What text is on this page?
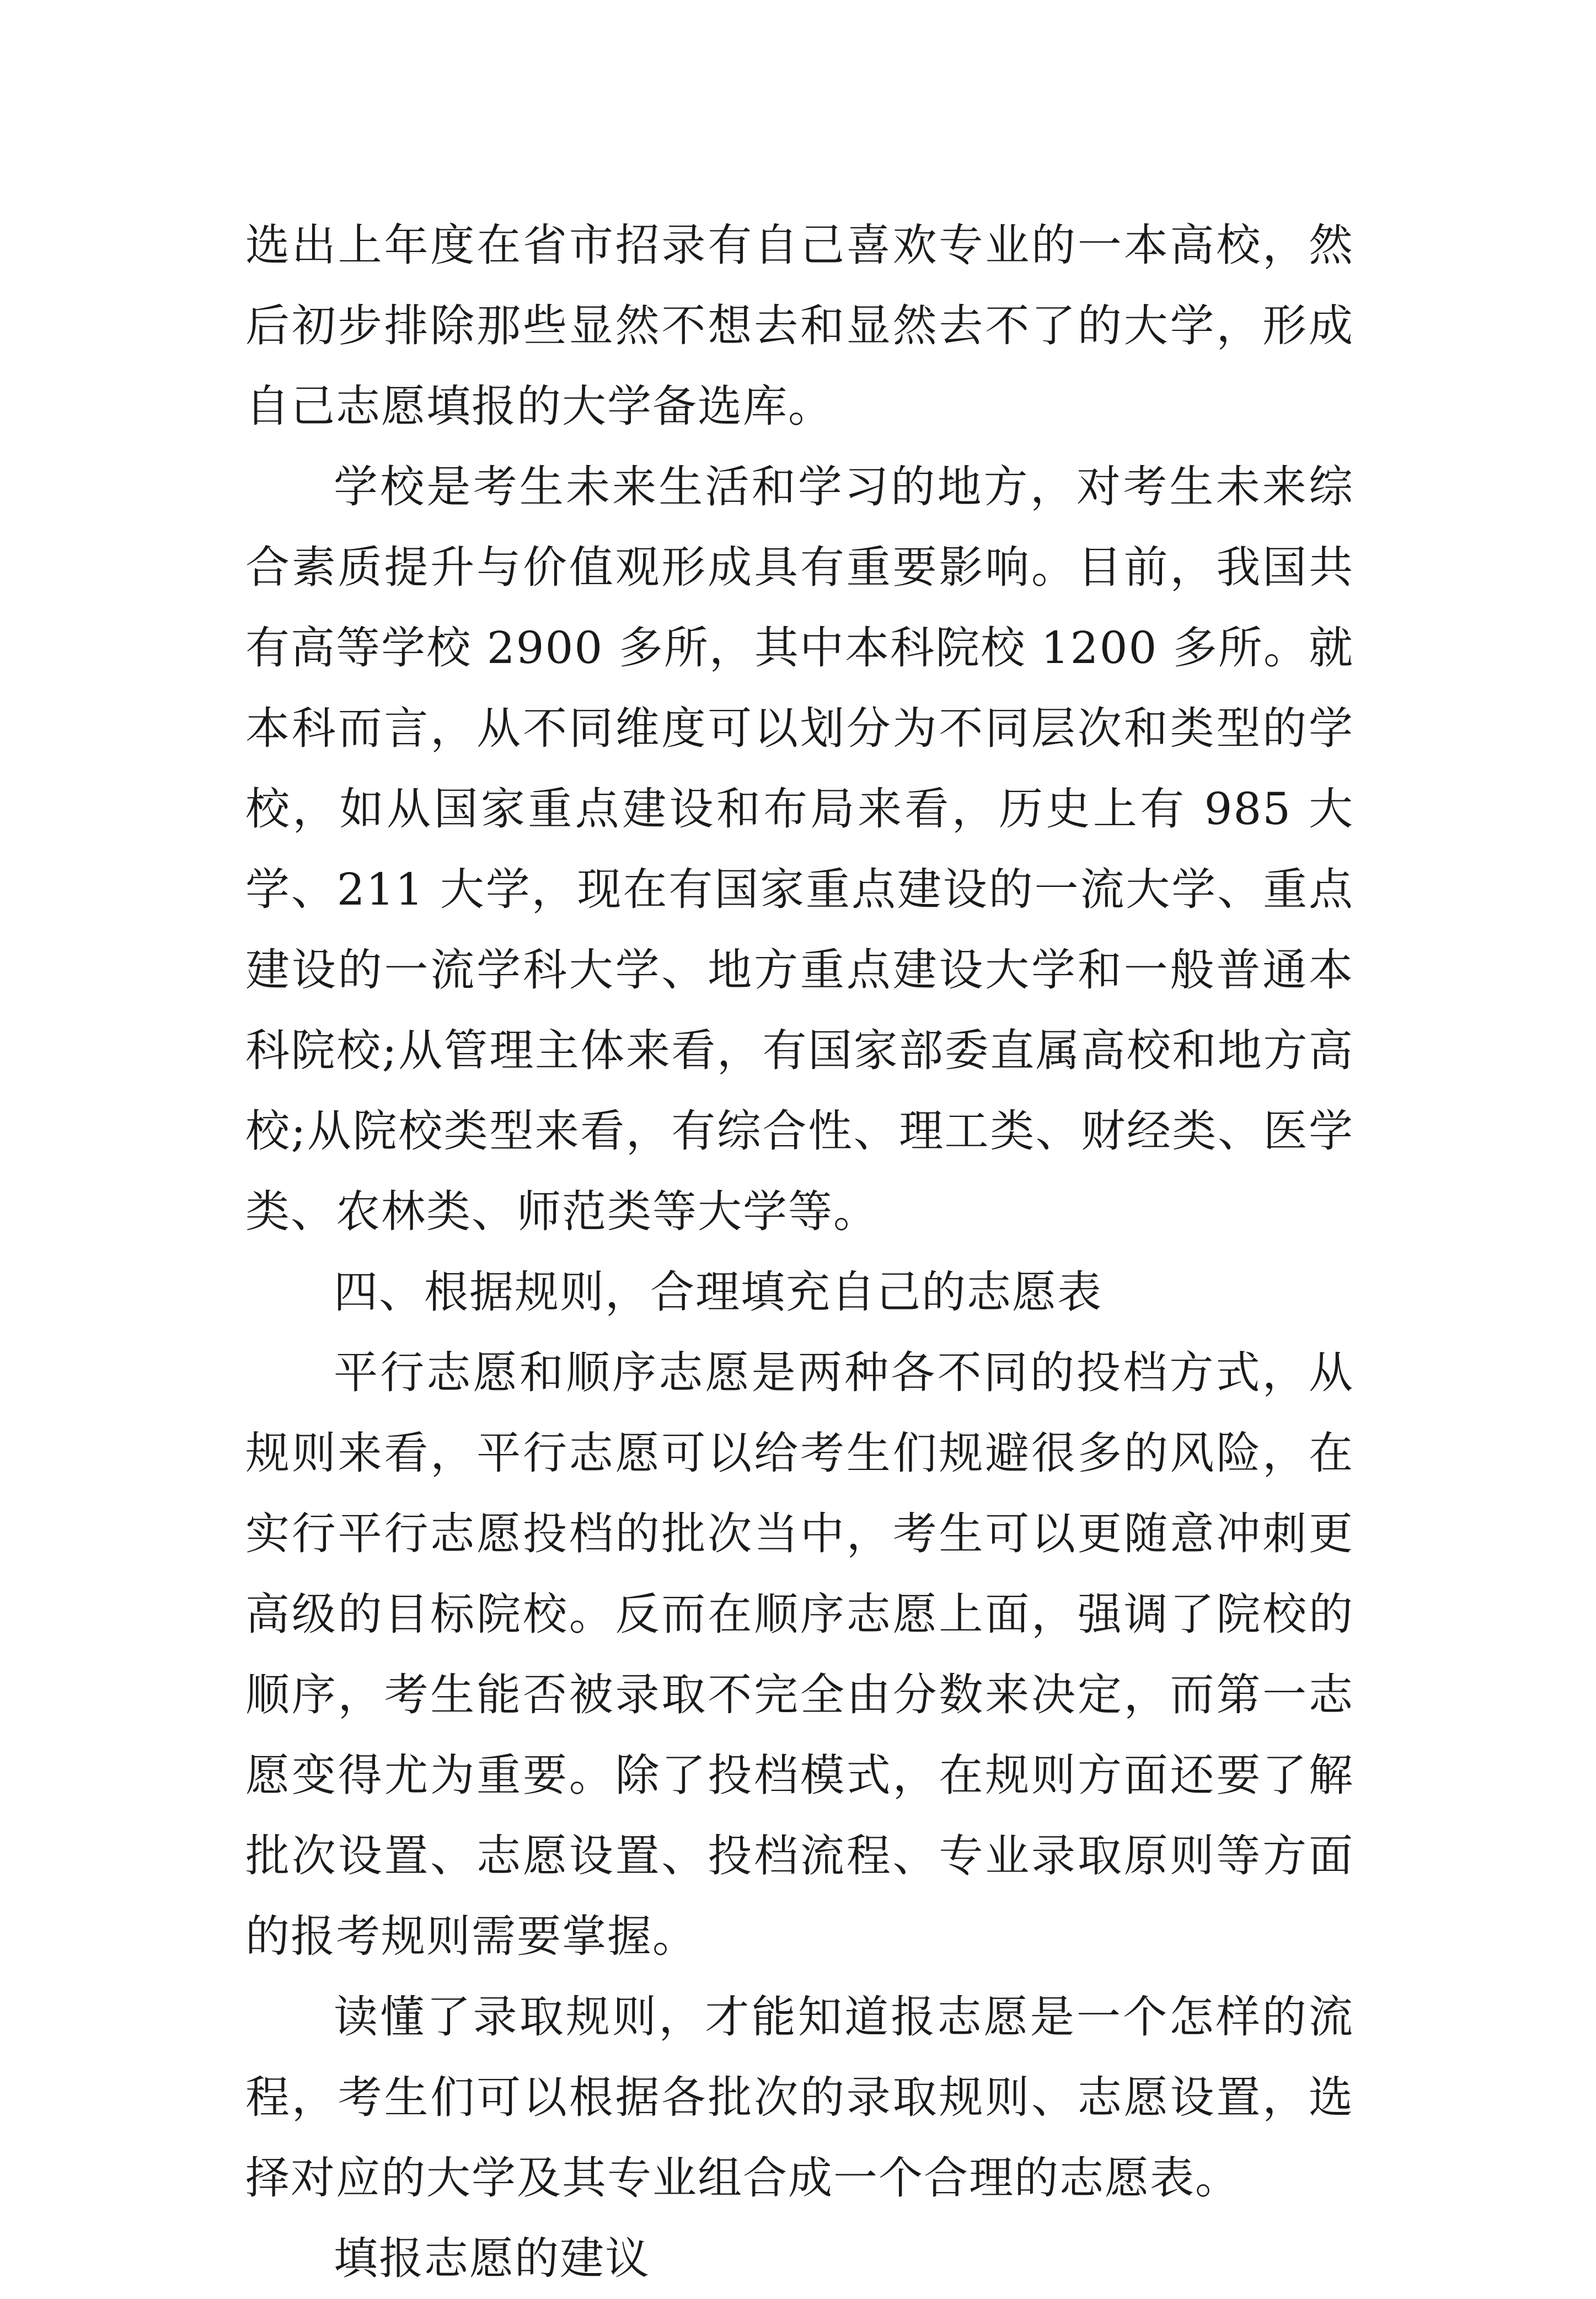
选出上年度在省市招录有自己喜欢专业的一本高校，然后初步排除那些显然不想去和显然去不了的大学，形成自己志愿填报的大学备选库。

学校是考生未来生活和学习的地方，对考生未来综合素质提升与价值观形成具有重要影响。目前，我国共有高等学校 2900 多所，其中本科院校 1200 多所。就本科而言，从不同维度可以划分为不同层次和类型的学校，如从国家重点建设和布局来看，历史上有 985 大学、211 大学，现在有国家重点建设的一流大学、重点建设的一流学科大学、地方重点建设大学和一般普通本科院校;从管理主体来看，有国家部委直属高校和地方高校;从院校类型来看，有综合性、理工类、财经类、医学类、农林类、师范类等大学等。

四、根据规则，合理填充自己的志愿表

平行志愿和顺序志愿是两种各不同的投档方式，从规则来看，平行志愿可以给考生们规避很多的风险，在实行平行志愿投档的批次当中，考生可以更随意冲刺更高级的目标院校。反而在顺序志愿上面，强调了院校的顺序，考生能否被录取不完全由分数来决定，而第一志愿变得尤为重要。除了投档模式，在规则方面还要了解批次设置、志愿设置、投档流程、专业录取原则等方面的报考规则需要掌握。

读懂了录取规则，才能知道报志愿是一个怎样的流程，考生们可以根据各批次的录取规则、志愿设置，选择对应的大学及其专业组合成一个合理的志愿表。

填报志愿的建议
